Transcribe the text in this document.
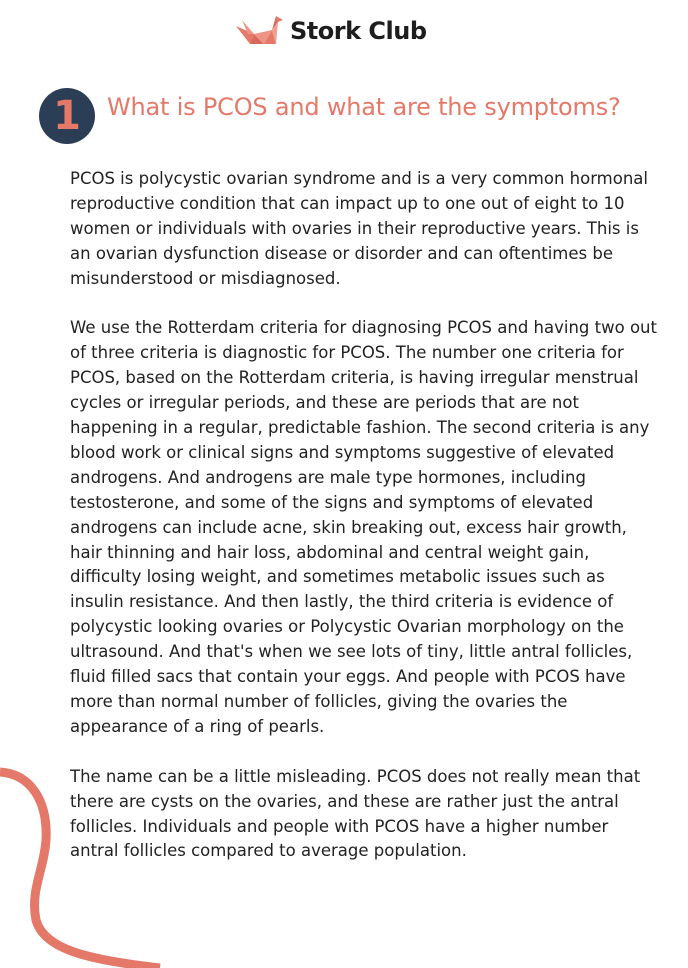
Stork Club
1 What is PCOS and what are the symptoms?

PCOS is polycystic ovarian syndrome and is a very common hormonal reproductive condition that can impact up to one out of eight to 10 women or individuals with ovaries in their reproductive years. This is an ovarian dysfunction disease or disorder and can oftentimes be misunderstood or misdiagnosed.

We use the Rotterdam criteria for diagnosing PCOS and having two out of three criteria is diagnostic for PCOS. The number one criteria for PCOS, based on the Rotterdam criteria, is having irregular menstrual cycles or irregular periods, and these are periods that are not happening in a regular, predictable fashion. The second criteria is any blood work or clinical signs and symptoms suggestive of elevated androgens. And androgens are male type hormones, including testosterone, and some of the signs and symptoms of elevated androgens can include acne, skin breaking out, excess hair growth, hair thinning and hair loss, abdominal and central weight gain, difficulty losing weight, and sometimes metabolic issues such as insulin resistance. And then lastly, the third criteria is evidence of polycystic looking ovaries or Polycystic Ovarian morphology on the ultrasound. And that's when we see lots of tiny, little antral follicles, fluid filled sacs that contain your eggs. And people with PCOS have more than normal number of follicles, giving the ovaries the appearance of a ring of pearls.

The name can be a little misleading. PCOS does not really mean that there are cysts on the ovaries, and these are rather just the antral follicles. Individuals and people with PCOS have a higher number antral follicles compared to average population.
